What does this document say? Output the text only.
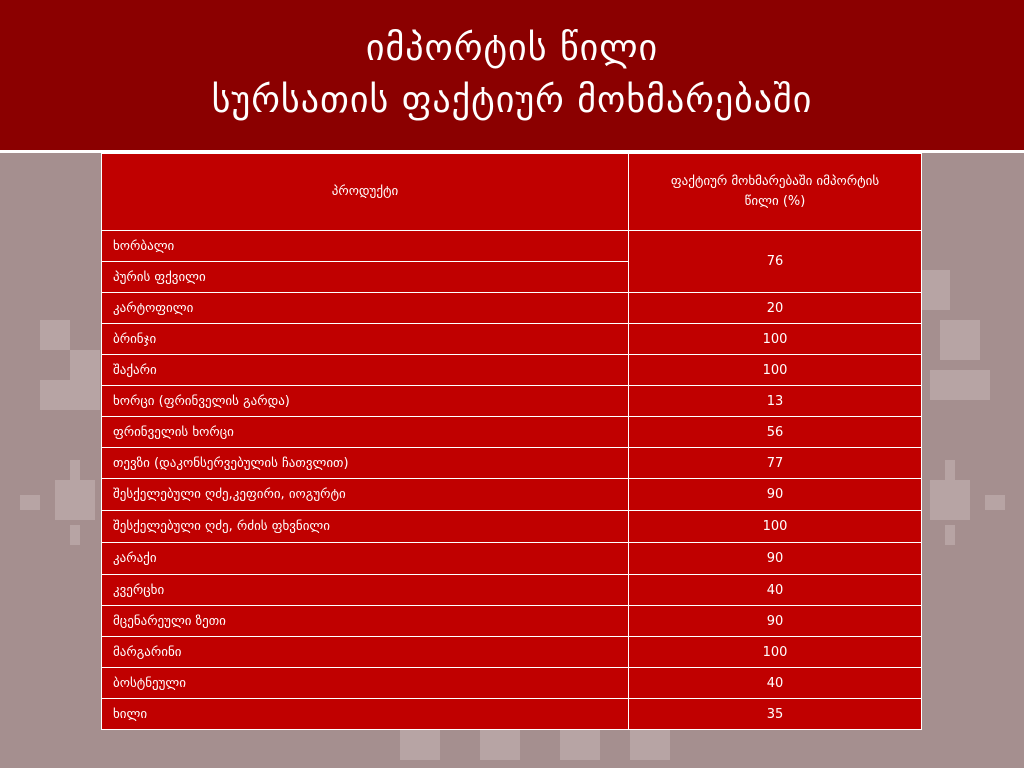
იმპორტის წილი
სურსათის ფაქტიურ მოხმარებაში
პროდუქტი	ფაქტიურ მოხმარებაში იმპორტის წილი (%)
ხორბალი	76
პურის ფქვილი	
კარტოფილი	20
ბრინჯი	100
შაქარი	100
ხორცი (ფრინველის გარდა)	13
ფრინველის ხორცი	56
თევზი (დაკონსერვებულის ჩათვლით)	77
შესქელებული ღძე,კეფირი, იოგურტი	90
შესქელებული ღძე, რძის ფხვნილი	100
კარაქი	90
კვერცხი	40
მცენარეული ზეთი	90
მარგარინი	100
ბოსტნეული	40
ხილი	35
